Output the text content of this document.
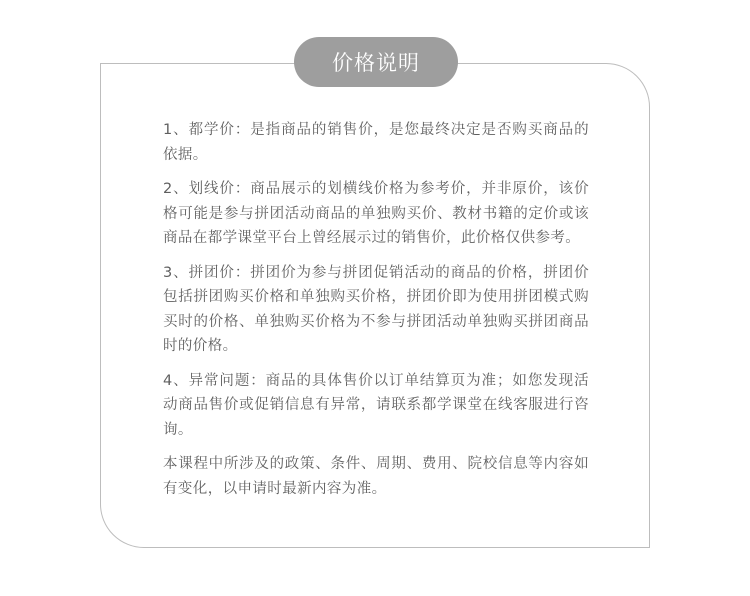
价格说明

1、都学价：是指商品的销售价，是您最终决定是否购买商品的依据。

2、划线价：商品展示的划横线价格为参考价，并非原价，该价格可能是参与拼团活动商品的单独购买价、教材书籍的定价或该商品在都学课堂平台上曾经展示过的销售价，此价格仅供参考。

3、拼团价：拼团价为参与拼团促销活动的商品的价格，拼团价包括拼团购买价格和单独购买价格，拼团价即为使用拼团模式购买时的价格、单独购买价格为不参与拼团活动单独购买拼团商品时的价格。

4、异常问题：商品的具体售价以订单结算页为准；如您发现活动商品售价或促销信息有异常，请联系都学课堂在线客服进行咨询。

本课程中所涉及的政策、条件、周期、费用、院校信息等内容如有变化，以申请时最新内容为准。
